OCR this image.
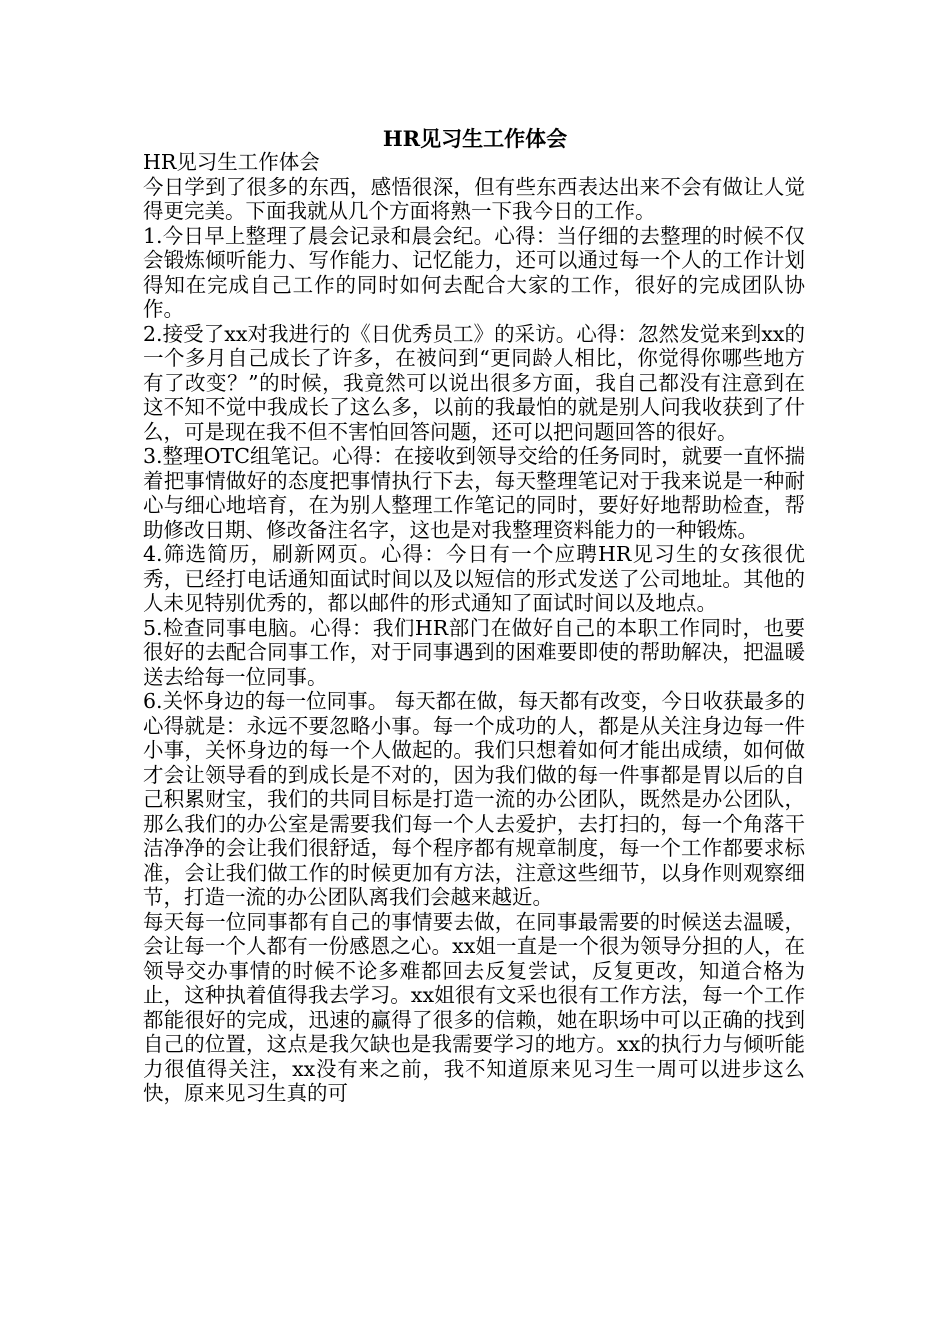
HR见习生工作体会

HR见习生工作体会

今日学到了很多的东西，感悟很深，但有些东西表达出来不会有做让人觉得更完美。下面我就从几个方面将熟一下我今日的工作。

1.今日早上整理了晨会记录和晨会纪。心得：当仔细的去整理的时候不仅会锻炼倾听能力、写作能力、记忆能力，还可以通过每一个人的工作计划得知在完成自己工作的同时如何去配合大家的工作，很好的完成团队协作。

2.接受了xx对我进行的《日优秀员工》的采访。心得：忽然发觉来到xx的一个多月自己成长了许多，在被问到“更同龄人相比，你觉得你哪些地方有了改变？”的时候，我竟然可以说出很多方面，我自己都没有注意到在这不知不觉中我成长了这么多，以前的我最怕的就是别人问我收获到了什么，可是现在我不但不害怕回答问题，还可以把问题回答的很好。

3.整理OTC组笔记。心得：在接收到领导交给的任务同时，就要一直怀揣着把事情做好的态度把事情执行下去，每天整理笔记对于我来说是一种耐心与细心地培育，在为别人整理工作笔记的同时，要好好地帮助检查，帮助修改日期、修改备注名字，这也是对我整理资料能力的一种锻炼。

4.筛选简历，刷新网页。心得：今日有一个应聘HR见习生的女孩很优秀，已经打电话通知面试时间以及以短信的形式发送了公司地址。其他的人未见特别优秀的，都以邮件的形式通知了面试时间以及地点。

5.检查同事电脑。心得：我们HR部门在做好自己的本职工作同时，也要很好的去配合同事工作，对于同事遇到的困难要即使的帮助解决，把温暖送去给每一位同事。

6.关怀身边的每一位同事。 每天都在做，每天都有改变，今日收获最多的心得就是：永远不要忽略小事。每一个成功的人，都是从关注身边每一件小事，关怀身边的每一个人做起的。我们只想着如何才能出成绩，如何做才会让领导看的到成长是不对的，因为我们做的每一件事都是胃以后的自己积累财宝，我们的共同目标是打造一流的办公团队，既然是办公团队，那么我们的办公室是需要我们每一个人去爱护，去打扫的，每一个角落干洁净净的会让我们很舒适，每个程序都有规章制度，每一个工作都要求标准，会让我们做工作的时候更加有方法，注意这些细节，以身作则观察细节，打造一流的办公团队离我们会越来越近。

每天每一位同事都有自己的事情要去做，在同事最需要的时候送去温暖，会让每一个人都有一份感恩之心。xx姐一直是一个很为领导分担的人，在领导交办事情的时候不论多难都回去反复尝试，反复更改，知道合格为止，这种执着值得我去学习。xx姐很有文采也很有工作方法，每一个工作都能很好的完成，迅速的赢得了很多的信赖，她在职场中可以正确的找到自己的位置，这点是我欠缺也是我需要学习的地方。xx的执行力与倾听能力很值得关注，xx没有来之前，我不知道原来见习生一周可以进步这么快，原来见习生真的可
